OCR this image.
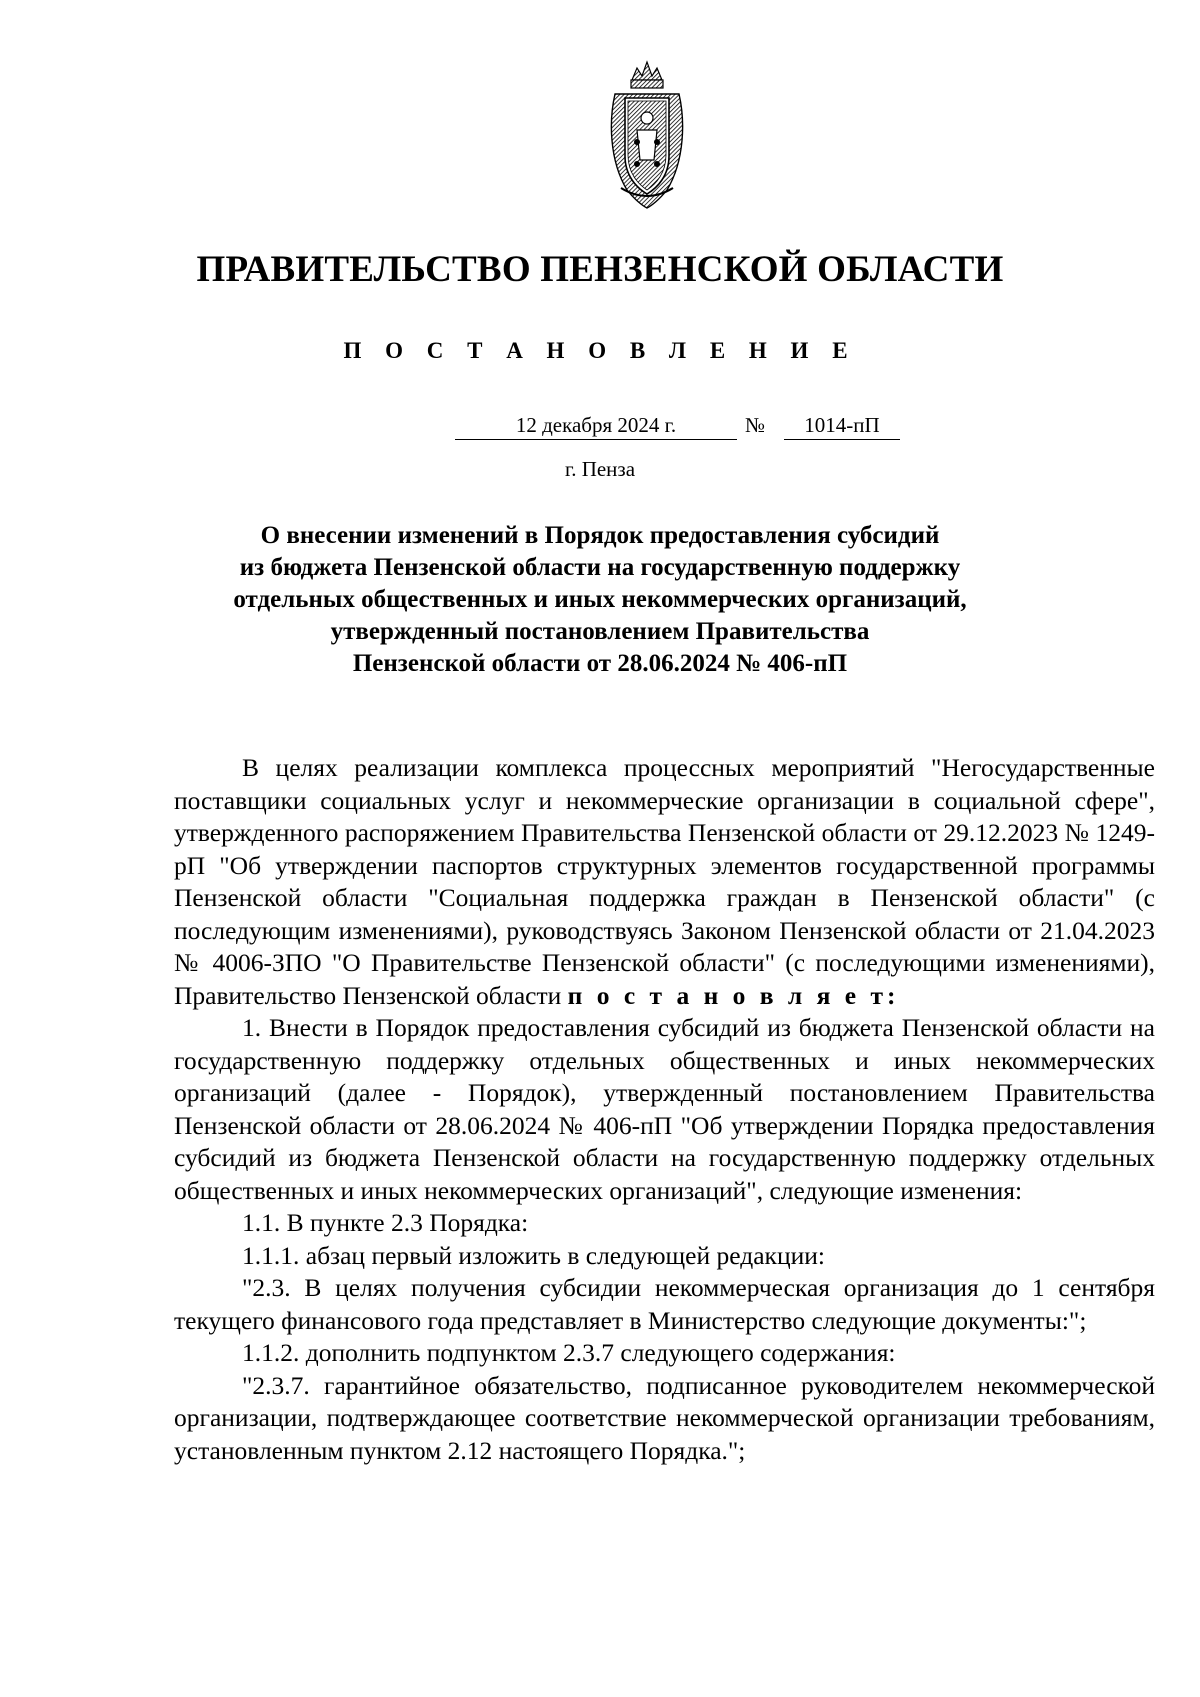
ПРАВИТЕЛЬСТВО ПЕНЗЕНСКОЙ ОБЛАСТИ
П О С Т А Н О В Л Е Н И Е
12 декабря 2024 г.	№	1014-пП
г. Пенза
О внесении изменений в Порядок предоставления субсидий
из бюджета Пензенской области на государственную поддержку
отдельных общественных и иных некоммерческих организаций,
утвержденный постановлением Правительства
Пензенской области от 28.06.2024 № 406-пП

В целях реализации комплекса процессных мероприятий "Негосударственные поставщики социальных услуг и некоммерческие организации в социальной сфере", утвержденного распоряжением Правительства Пензенской области от 29.12.2023 № 1249-рП "Об утверждении паспортов структурных элементов государственной программы Пензенской области "Социальная поддержка граждан в Пензенской области" (с последующим изменениями), руководствуясь Законом Пензенской области от 21.04.2023 № 4006-ЗПО "О Правительстве Пензенской области" (с последующими изменениями), Правительство Пензенской области п о с т а н о в л я е т:

1. Внести в Порядок предоставления субсидий из бюджета Пензенской области на государственную поддержку отдельных общественных и иных некоммерческих организаций (далее - Порядок), утвержденный постановлением Правительства Пензенской области от 28.06.2024 № 406-пП "Об утверждении Порядка предоставления субсидий из бюджета Пензенской области на государственную поддержку отдельных общественных и иных некоммерческих организаций", следующие изменения:

1.1. В пункте 2.3 Порядка:

1.1.1. абзац первый изложить в следующей редакции:

"2.3. В целях получения субсидии некоммерческая организация до 1 сентября текущего финансового года представляет в Министерство следующие документы:";

1.1.2. дополнить подпунктом 2.3.7 следующего содержания:

"2.3.7. гарантийное обязательство, подписанное руководителем некоммерческой организации, подтверждающее соответствие некоммерческой организации требованиям, установленным пунктом 2.12 настоящего Порядка.";
